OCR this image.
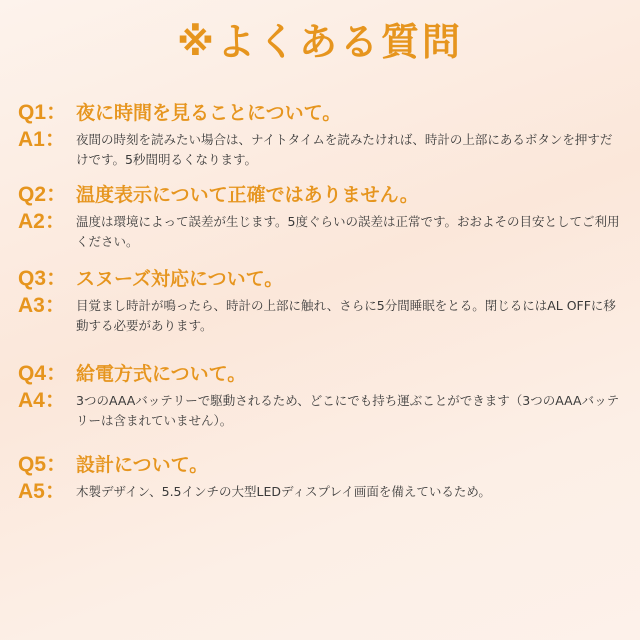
※よくある質問
Q1： 夜に時間を見ることについて。
A1： 夜間の時刻を読みたい場合は、ナイトタイムを読みたければ、時計の上部にあるボタンを押すだけです。5秒間明るくなります。
Q2： 温度表示について正確ではありません。
A2： 温度は環境によって誤差が生じます。5度ぐらいの誤差は正常です。おおよその目安としてご利用ください。
Q3： スヌーズ対応について。
A3： 目覚まし時計が鳴ったら、時計の上部に触れ、さらに5分間睡眠をとる。閉じるにはAL OFFに移動する必要があります。
Q4： 給電方式について。
A4： 3つのAAAバッテリーで駆動されるため、どこにでも持ち運ぶことができます（3つのAAAバッテリーは含まれていません）。
Q5： 設計について。
A5： 木製デザイン、5.5インチの大型LEDディスプレイ画面を備えているため。
